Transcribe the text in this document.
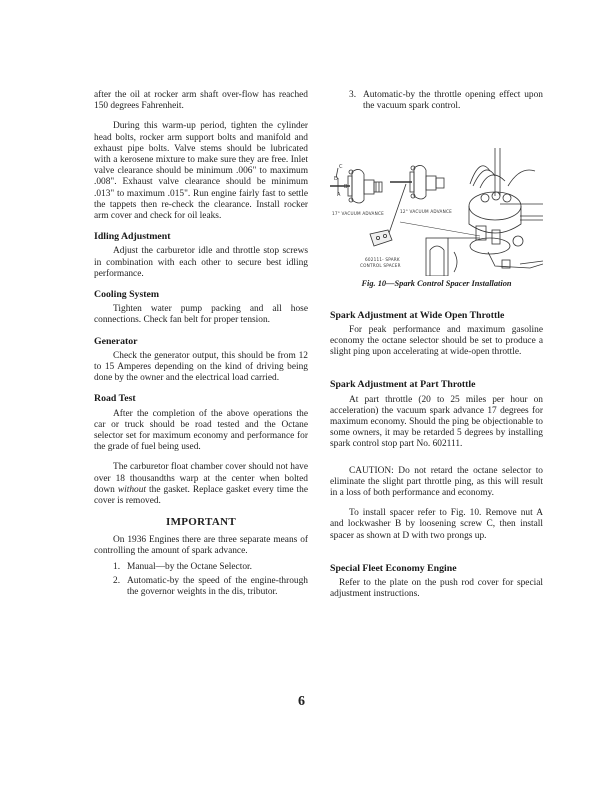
after the oil at rocker arm shaft over-flow has reached 150 degrees Fahrenheit.

During this warm-up period, tighten the cylinder head bolts, rocker arm support bolts and manifold and exhaust pipe bolts. Valve stems should be lubricated with a kerosene mixture to make sure they are free. Inlet valve clearance should be minimum .006" to maximum .008". Exhaust valve clearance should be minimum .013" to maximum .015". Run engine fairly fast to settle the tappets then re-check the clearance. Install rocker arm cover and check for oil leaks.

Idling Adjustment

Adjust the carburetor idle and throttle stop screws in combination with each other to secure best idling performance.

Cooling System

Tighten water pump packing and all hose connections. Check fan belt for proper tension.

Generator

Check the generator output, this should be from 12 to 15 Amperes depending on the kind of driving being done by the owner and the electrical load carried.

Road Test

After the completion of the above operations the car or truck should be road tested and the Octane selector set for maximum economy and performance for the grade of fuel being used.

The carburetor float chamber cover should not have over 18 thousandths warp at the center when bolted down without the gasket. Replace gasket every time the cover is removed.

IMPORTANT

On 1936 Engines there are three separate means of controlling the amount of spark advance.

1. Manual—by the Octane Selector.
2. Automatic-by the speed of the engine-through the governor weights in the dis, tributor.
3. Automatic-by the throttle opening effect upon the vacuum spark control.
C
B
D
A
17° VACUUM ADVANCE	12° VACUUM ADVANCE
602111- SPARK
CONTROL SPACER

Fig. 10—Spark Control Spacer Installation

Spark Adjustment at Wide Open Throttle

For peak performance and maximum gasoline economy the octane selector should be set to produce a slight ping upon accelerating at wide-open throttle.

Spark Adjustment at Part Throttle

At part throttle (20 to 25 miles per hour on acceleration) the vacuum spark advance 17 degrees for maximum economy. Should the ping be objectionable to some owners, it may be retarded 5 degrees by installing spark control stop part No. 602111.

CAUTION: Do not retard the octane selector to eliminate the slight part throttle ping, as this will result in a loss of both performance and economy.

To install spacer refer to Fig. 10. Remove nut A and lockwasher B by loosening screw C, then install spacer as shown at D with two prongs up.

Special Fleet Economy Engine

Refer to the plate on the push rod cover for special adjustment instructions.

6
